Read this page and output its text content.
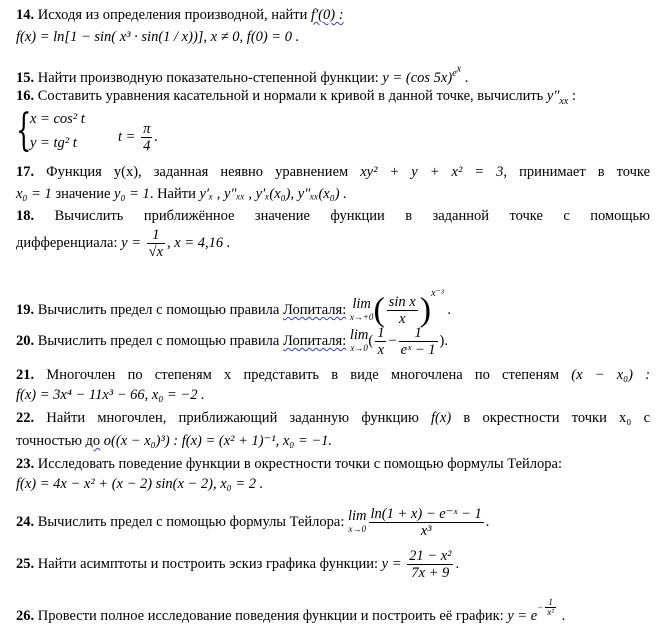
14. Исходя из определения производной, найти f′(0) :
f(x) = ln[1 − sin( x³ · sin(1 / x))], x ≠ 0, f(0) = 0 .
15. Найти производную показательно-степенной функции: y = (cos 5x)$^{e^x}$ .
16. Составить уравнения касательной и нормали к кривой в данной точке, вычислить $y''_{xx}$ :
{
x = cos² t
y = tg² t	$t = \frac{\pi}{4}$ .
17. Функция y(x), заданная неявно уравнением xy² + y + x² = 3, принимает в точке
x₀ = 1 значение y₀ = 1. Найти y′ₓ , y″ₓₓ , y′ₓ(x₀), y″ₓₓ(x₀) .
18. Вычислить приближённое значение функции в заданной точке с помощью
дифференциала: $y = \frac{1}{√x}$ , x = 4,16 .
19. Вычислить предел с помощью правила Лопиталя: lim
x→+0 ( $\frac{\text{sin x}}{x} )^{x^{-3}}$ .
20. Вычислить предел с помощью правила Лопиталя: lim
x→0 ( $\frac{1}{x} - \frac{1}{\text{eˣ − 1}}$ ).
21. Многочлен по степеням x представить в виде многочлена по степеням (x − x₀) :
f(x) = 3x⁴ − 11x³ − 66, x₀ = −2 .
22. Найти многочлен, приближающий заданную функцию f(x) в окрестности точки x₀ с
точностью до o((x − x₀)³) : f(x) = (x² + 1)⁻¹, x₀ = −1.
23. Исследовать поведение функции в окрестности точки с помощью формулы Тейлора:
f(x) = 4x − x² + (x − 2) sin(x − 2), x₀ = 2 .
24. Вычислить предел с помощью формулы Тейлора: lim
$x\to 0 \frac{\text{ln(1 + x) − e⁻ˣ − 1}}{\text{x³}}$ .
25. Найти асимптоты и построить эскиз графика функции: $y = \frac{\text{21 − x²}}{7x + 9}$ .
26. Провести полное исследование поведения функции и построить её график: $y = e- \frac{1}{\text{x²}}$ .
